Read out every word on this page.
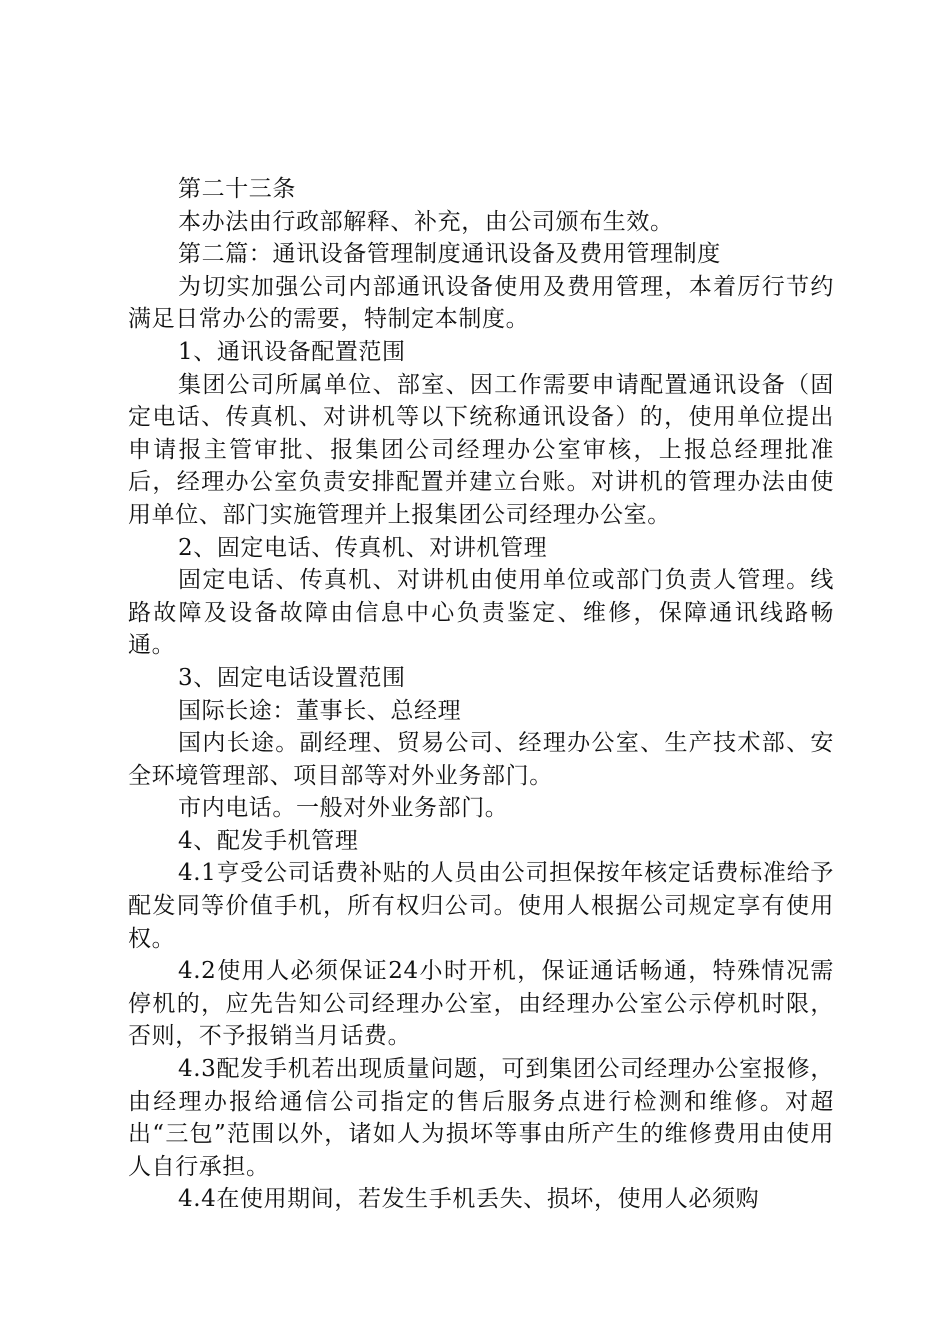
第二十三条

本办法由行政部解释、补充，由公司颁布生效。

第二篇：通讯设备管理制度通讯设备及费用管理制度

为切实加强公司内部通讯设备使用及费用管理，本着厉行节约满足日常办公的需要，特制定本制度。

1、通讯设备配置范围

集团公司所属单位、部室、因工作需要申请配置通讯设备（固定电话、传真机、对讲机等以下统称通讯设备）的，使用单位提出申请报主管审批、报集团公司经理办公室审核，上报总经理批准后，经理办公室负责安排配置并建立台账。对讲机的管理办法由使用单位、部门实施管理并上报集团公司经理办公室。

2、固定电话、传真机、对讲机管理

固定电话、传真机、对讲机由使用单位或部门负责人管理。线路故障及设备故障由信息中心负责鉴定、维修，保障通讯线路畅通。

3、固定电话设置范围

国际长途：董事长、总经理

国内长途。副经理、贸易公司、经理办公室、生产技术部、安全环境管理部、项目部等对外业务部门。

市内电话。一般对外业务部门。

4、配发手机管理

4.1亨受公司话费补贴的人员由公司担保按年核定话费标准给予配发同等价值手机，所有权归公司。使用人根据公司规定享有使用权。

4.2使用人必须保证24小时开机，保证通话畅通，特殊情况需停机的，应先告知公司经理办公室，由经理办公室公示停机时限，否则，不予报销当月话费。

4.3配发手机若出现质量问题，可到集团公司经理办公室报修，由经理办报给通信公司指定的售后服务点进行检测和维修。对超出“三包”范围以外，诸如人为损坏等事由所产生的维修费用由使用人自行承担。

4.4在使用期间，若发生手机丢失、损坏，使用人必须购
